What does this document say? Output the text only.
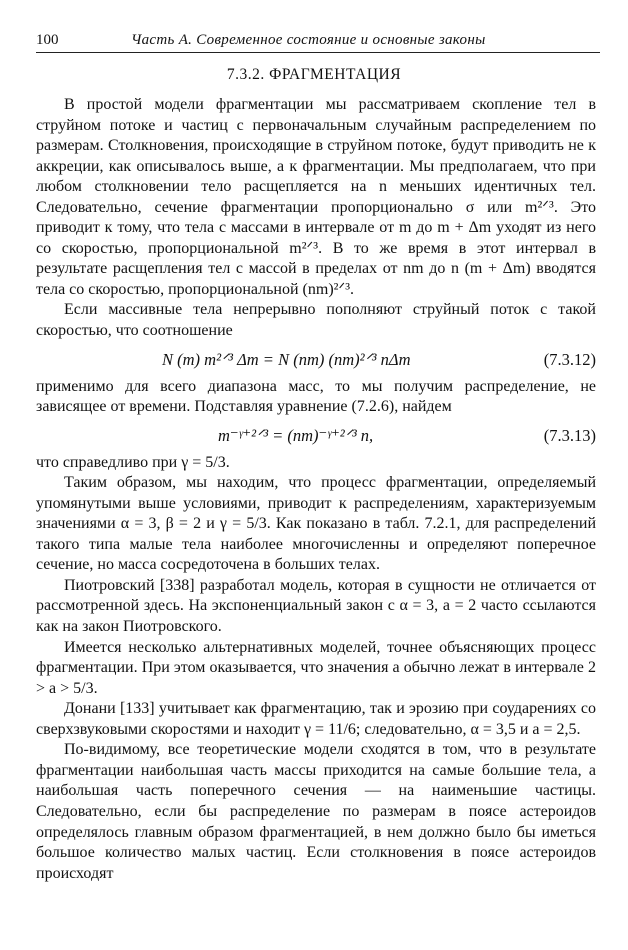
100	Часть А. Современное состояние и основные законы
7.3.2. ФРАГМЕНТАЦИЯ

В простой модели фрагментации мы рассматриваем скопление тел в струйном потоке и частиц с первоначальным случайным распределением по размерам. Столкновения, происходящие в струйном потоке, будут приводить не к аккреции, как описывалось выше, а к фрагментации. Мы предполагаем, что при любом столкновении тело расщепляется на n меньших идентичных тел. Следовательно, сечение фрагментации пропорционально σ или m²ᐟ³. Это приводит к тому, что тела с массами в интервале от m до m + Δm уходят из него со скоростью, пропорциональной m²ᐟ³. В то же время в этот интервал в результате расщепления тел с массой в пределах от nm до n (m + Δm) вводятся тела со скоростью, пропорциональной (nm)²ᐟ³.

Если массивные тела непрерывно пополняют струйный поток с такой скоростью, что соотношение

N (m) m²ᐟ³ Δm = N (nm) (nm)²ᐟ³ nΔm	(7.3.12)

применимо для всего диапазона масс, то мы получим распределение, не зависящее от времени. Подставляя уравнение (7.2.6), найдем

m⁻ᵞ⁺²ᐟ³ = (nm)⁻ᵞ⁺²ᐟ³ n,	(7.3.13)

что справедливо при γ = 5/3.

Таким образом, мы находим, что процесс фрагментации, определяемый упомянутыми выше условиями, приводит к распределениям, характеризуемым значениями α = 3, β = 2 и γ = 5/3. Как показано в табл. 7.2.1, для распределений такого типа малые тела наиболее многочисленны и определяют поперечное сечение, но масса сосредоточена в больших телах.

Пиотровский [338] разработал модель, которая в сущности не отличается от рассмотренной здесь. На экспоненциальный закон с α = 3, a = 2 часто ссылаются как на закон Пиотровского.

Имеется несколько альтернативных моделей, точнее объясняющих процесс фрагментации. При этом оказывается, что значения a обычно лежат в интервале 2 > a > 5/3.

Донани [133] учитывает как фрагментацию, так и эрозию при соударениях со сверхзвуковыми скоростями и находит γ = 11/6; следовательно, α = 3,5 и a = 2,5.

По-видимому, все теоретические модели сходятся в том, что в результате фрагментации наибольшая часть массы приходится на самые большие тела, а наибольшая часть поперечного сечения — на наименьшие частицы. Следовательно, если бы распределение по размерам в поясе астероидов определялось главным образом фрагментацией, в нем должно было бы иметься большое количество малых частиц. Если столкновения в поясе астероидов происходят
